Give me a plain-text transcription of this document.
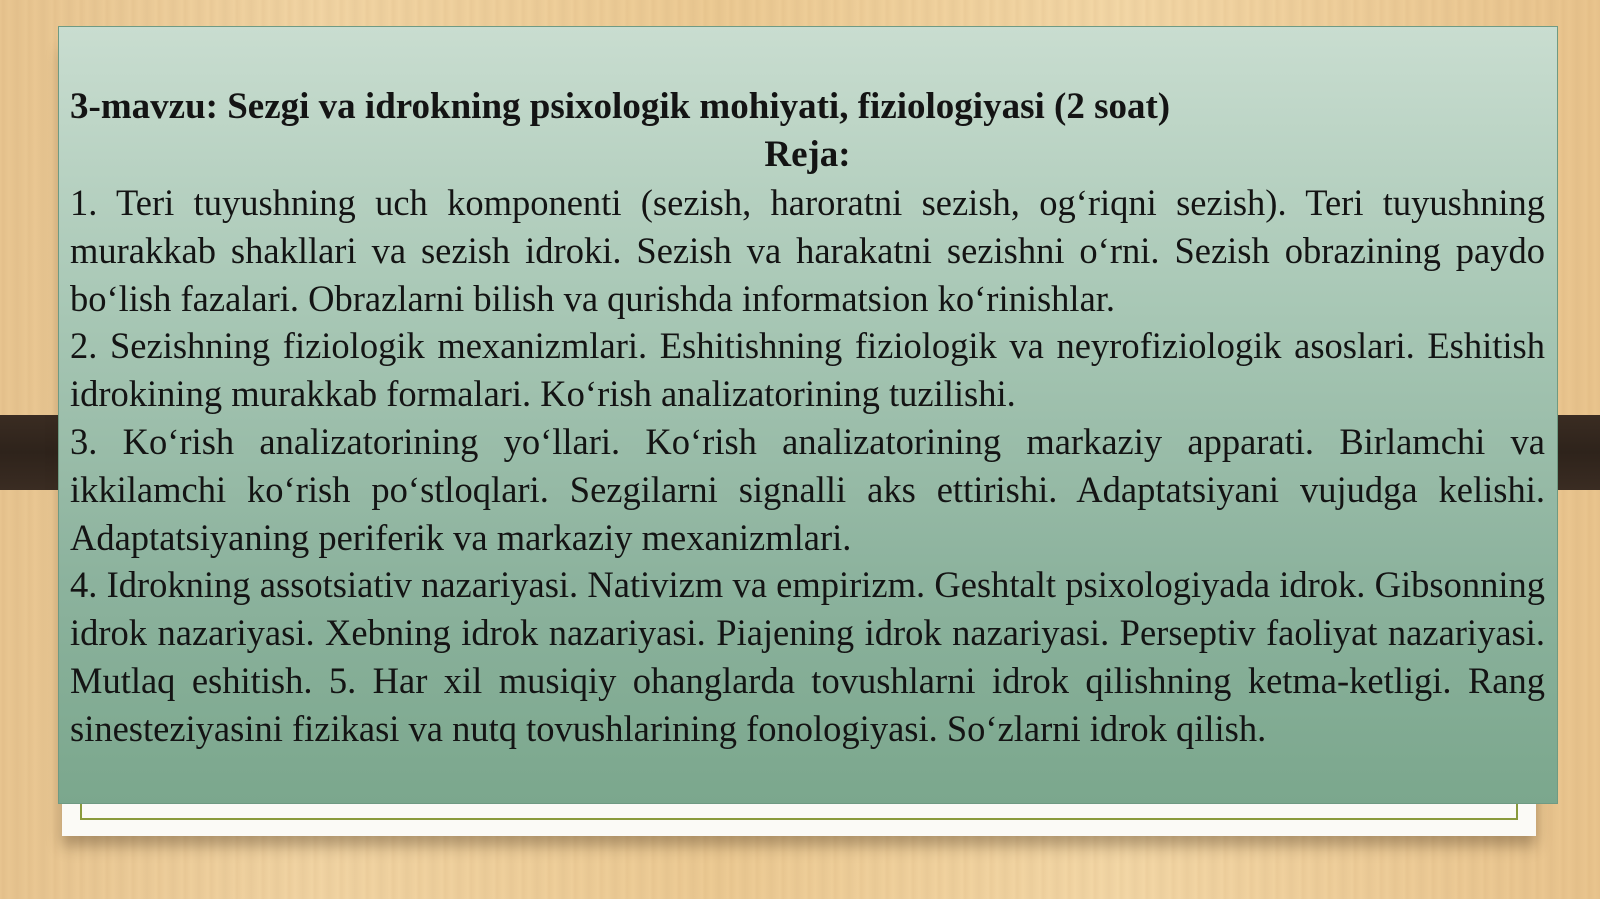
3-mavzu: Sezgi va idrokning psixologik mohiyati, fiziologiyasi (2 soat)

Reja:

1. Teri tuyushning uch komponenti (sezish, haroratni sezish, og‘riqni sezish). Teri tuyushning murakkab shakllari va sezish idroki. Sezish va harakatni sezishni o‘rni. Sezish obrazining paydo bo‘lish fazalari. Obrazlarni bilish va qurishda informatsion ko‘rinishlar.

2. Sezishning fiziologik mexanizmlari. Eshitishning fiziologik va neyrofiziologik asoslari. Eshitish idrokining murakkab formalari. Ko‘rish analizatorining tuzilishi.

3. Ko‘rish analizatorining yo‘llari. Ko‘rish analizatorining markaziy apparati. Birlamchi va ikkilamchi ko‘rish po‘stloqlari. Sezgilarni signalli aks ettirishi. Adaptatsiyani vujudga kelishi. Adaptatsiyaning periferik va markaziy mexanizmlari.

4. Idrokning assotsiativ nazariyasi. Nativizm va empirizm. Geshtalt psixologiyada idrok. Gibsonning idrok nazariyasi. Xebning idrok nazariyasi. Piajening idrok nazariyasi. Perseptiv faoliyat nazariyasi. Mutlaq eshitish. 5. Har xil musiqiy ohanglarda tovushlarni idrok qilishning ketma-ketligi. Rang sinesteziyasini fizikasi va nutq tovushlarining fonologiyasi. So‘zlarni idrok qilish.
